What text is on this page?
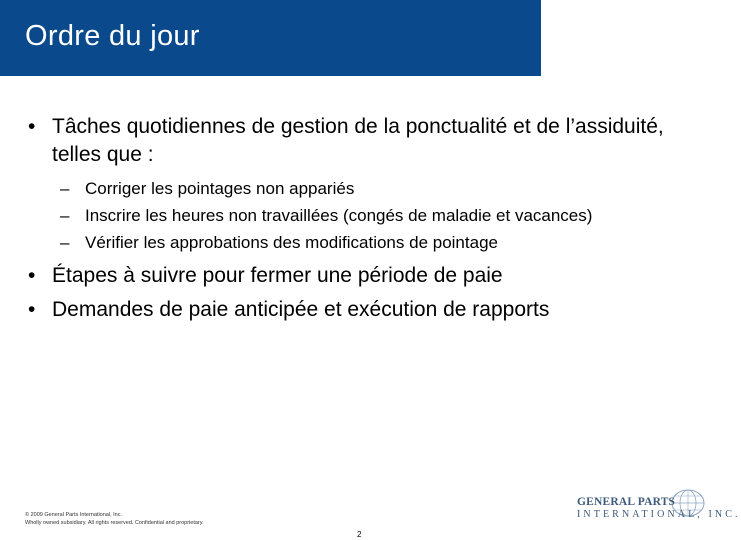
Ordre du jour
• Tâches quotidiennes de gestion de la ponctualité et de l’assiduité, telles que :
– Corriger les pointages non appariés
– Inscrire les heures non travaillées (congés de maladie et vacances)
– Vérifier les approbations des modifications de pointage
• Étapes à suivre pour fermer une période de paie
• Demandes de paie anticipée et exécution de rapports
© 2009 General Parts International, Inc.
Wholly owned subsidiary. All rights reserved. Confidential and proprietary.
2
GENERAL PARTS
INTERNATIONAL, INC.
